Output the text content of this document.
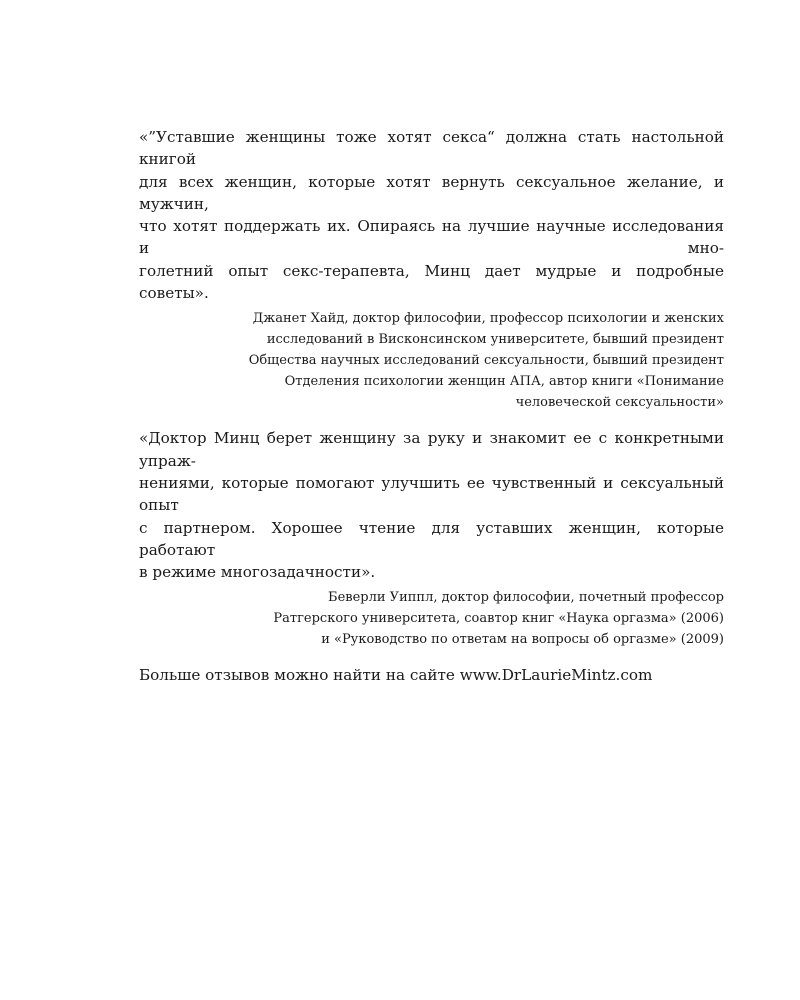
«”Уставшие женщины тоже хотят секса“ должна стать настольной книгой
для всех женщин, которые хотят вернуть сексуальное желание, и мужчин,
что хотят поддержать их. Опираясь на лучшие научные исследования и мно-
голетний опыт секс-терапевта, Минц дает мудрые и подробные советы».

Джанет Хайд, доктор философии, профессор психологии и женских
исследований в Висконсинском университете, бывший президент
Общества научных исследований сексуальности, бывший президент
Отделения психологии женщин АПА, автор книги «Понимание
человеческой сексуальности»

«Доктор Минц берет женщину за руку и знакомит ее с конкретными упраж-
нениями, которые помогают улучшить ее чувственный и сексуальный опыт
с партнером. Хорошее чтение для уставших женщин, которые работают
в режиме многозадачности».

Беверли Уиппл, доктор философии, почетный профессор
Ратгерского университета, соавтор книг «Наука оргазма» (2006)
и «Руководство по ответам на вопросы об оргазме» (2009)

Больше отзывов можно найти на сайте www.DrLaurieMintz.com
